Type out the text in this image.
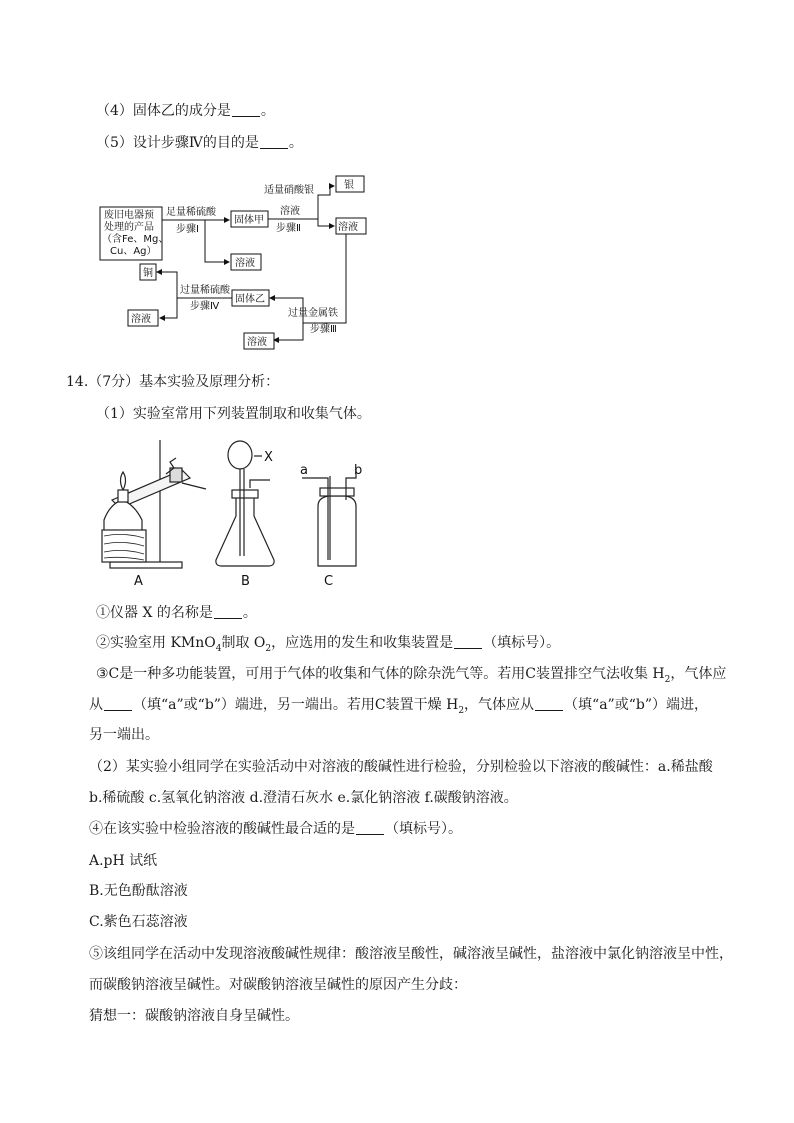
（4）固体乙的成分是 。
（5）设计步骤Ⅳ的目的是 。
废旧电器预
处理的产品
（含Fe、Mg、
Cu、Ag）
足量稀硫酸
步骤Ⅰ
固体甲
适量硝酸银
溶液
步骤Ⅱ
银
溶液
溶液
过量金属铁
步骤Ⅲ
固体乙
溶液
过量稀硫酸
步骤Ⅳ
铜
溶液
14.（7分）基本实验及原理分析：
（1）实验室常用下列装置制取和收集气体。
A	B	C
X
a	b
①仪器 X 的名称是 。
②实验室用 KMnO$_4$制取 $O_2$，应选用的发生和收集装置是 （填标号）。
③C是一种多功能装置，可用于气体的收集和气体的除杂洗气等。若用C装置排空气法收集 $H_2$，气体应
从 （填“a”或“b”）端进，另一端出。若用C装置干燥 $H_2$，气体应从 （填“a”或“b”）端进，
另一端出。
（2）某实验小组同学在实验活动中对溶液的酸碱性进行检验，分别检验以下溶液的酸碱性：a.稀盐酸
b.稀硫酸 c.氢氧化钠溶液 d.澄清石灰水 e.氯化钠溶液 f.碳酸钠溶液。
④在该实验中检验溶液的酸碱性最合适的是 （填标号）。
A.pH 试纸
B.无色酚酞溶液
C.紫色石蕊溶液
⑤该组同学在活动中发现溶液酸碱性规律：酸溶液呈酸性，碱溶液呈碱性，盐溶液中氯化钠溶液呈中性，
而碳酸钠溶液呈碱性。对碳酸钠溶液呈碱性的原因产生分歧：
猜想一：碳酸钠溶液自身呈碱性。
